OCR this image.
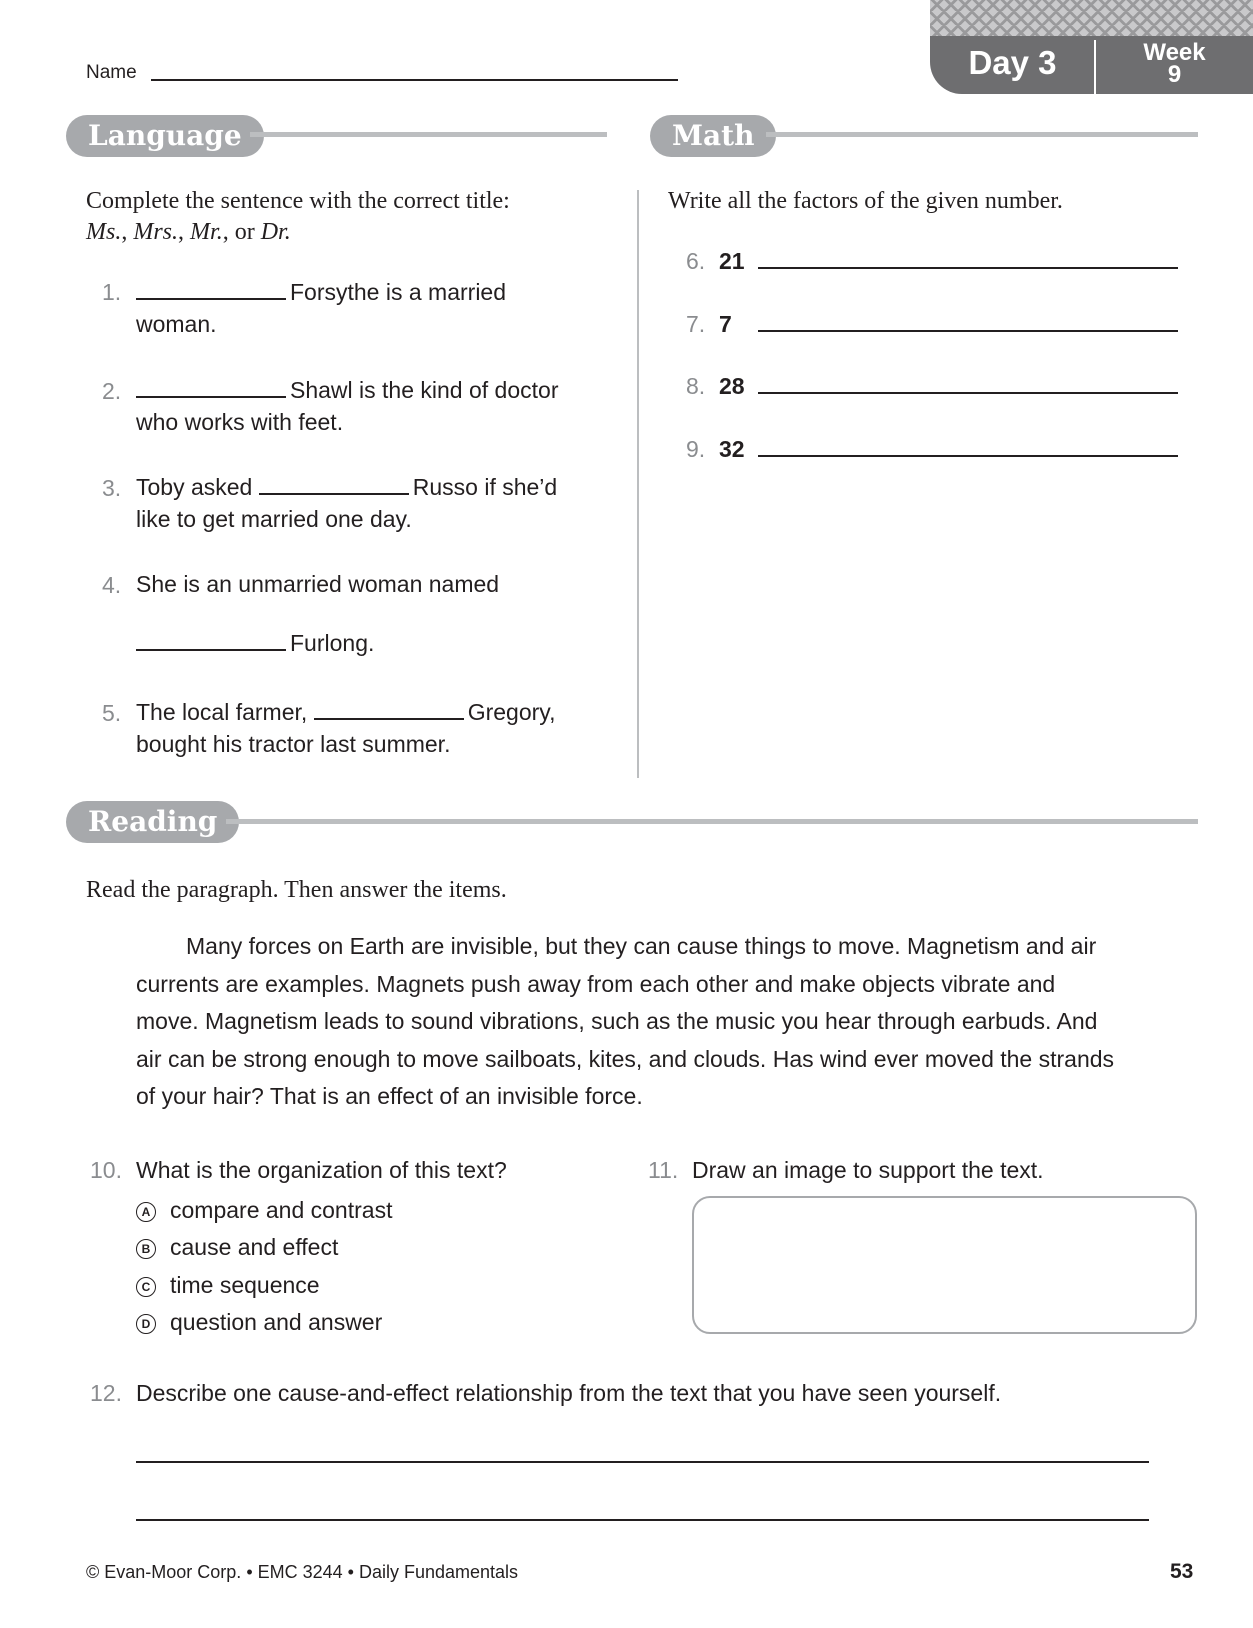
Name	Day 3	Week
9
Language
Complete the sentence with the correct title:
Ms., Mrs., Mr., or Dr.
1.	Forsythe is a married
woman.
2.	Shawl is the kind of doctor
who works with feet.
3. Toby asked	Russo if she’d
like to get married one day.
4. She is an unmarried woman named
Furlong.
5. The local farmer,	Gregory,
bought his tractor last summer.
Math
Write all the factors of the given number.
6. 21
7. 7
8. 28
9. 32
Reading
Read the paragraph. Then answer the items.
Many forces on Earth are invisible, but they can cause things to move. Magnetism and air currents are examples. Magnets push away from each other and make objects vibrate and move. Magnetism leads to sound vibrations, such as the music you hear through earbuds. And air can be strong enough to move sailboats, kites, and clouds. Has wind ever moved the strands of your hair? That is an effect of an invisible force.
10. What is the organization of this text?
A compare and contrast
B cause and effect
C time sequence
D question and answer
11. Draw an image to support the text.
12. Describe one cause-and-effect relationship from the text that you have seen yourself.
© Evan-Moor Corp. • EMC 3244 • Daily Fundamentals	53
